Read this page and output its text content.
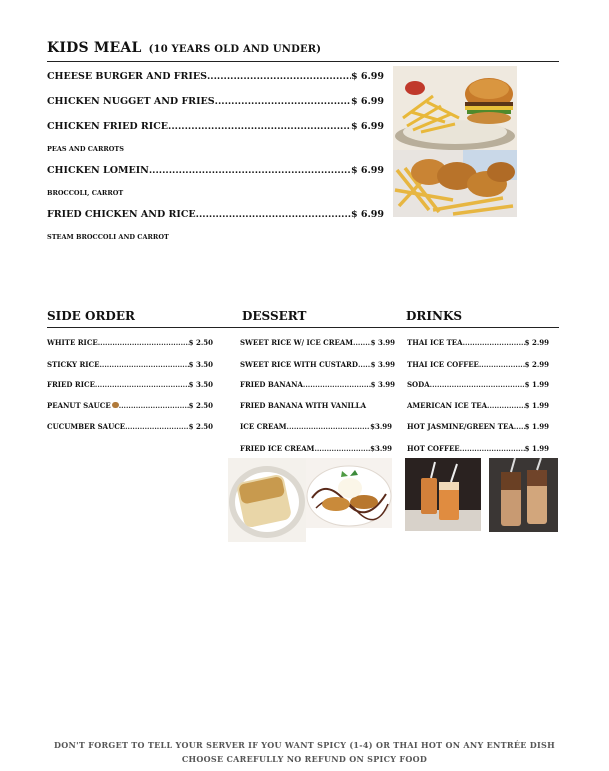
KIDS MEAL (10 YEARS OLD AND UNDER)
CHEESE BURGER AND FRIES .....	$ 6.99
CHICKEN NUGGET AND FRIES .....	$ 6.99
CHICKEN FRIED RICE .....	$ 6.99
PEAS AND CARROTS
CHICKEN LOMEIN .....	$ 6.99
BROCCOLI, CARROT
FRIED CHICKEN AND RICE .....	$ 6.99
STEAM BROCCOLI AND CARROT
SIDE ORDER	DESSERT	DRINKS
WHITE RICE .....	$ 2.50
STICKY RICE .....	$ 3.50
FRIED RICE .....	$ 3.50
PEANUT SAUCE .....	$ 2.50
CUCUMBER SAUCE .....	$ 2.50
SWEET RICE W/ ICE CREAM .....	$ 3.99
SWEET RICE WITH CUSTARD ..... $ 3.99
FRIED BANANA .....	$ 3.99
FRIED BANANA WITH VANILLA
ICE CREAM .....	$3.99
FRIED ICE CREAM .....	$3.99
THAI ICE TEA .....	$ 2.99
THAI ICE COFFEE .....	$ 2.99
SODA .....	$ 1.99
AMERICAN ICE TEA .....	$ 1.99
HOT JASMINE/GREEN TEA ..... $ 1.99
HOT COFFEE .....	$ 1.99
DON'T FORGET TO TELL YOUR SERVER IF YOU WANT SPICY (1-4) OR THAI HOT ON ANY ENTRÉE DISH
CHOOSE CAREFULLY NO REFUND ON SPICY FOOD
